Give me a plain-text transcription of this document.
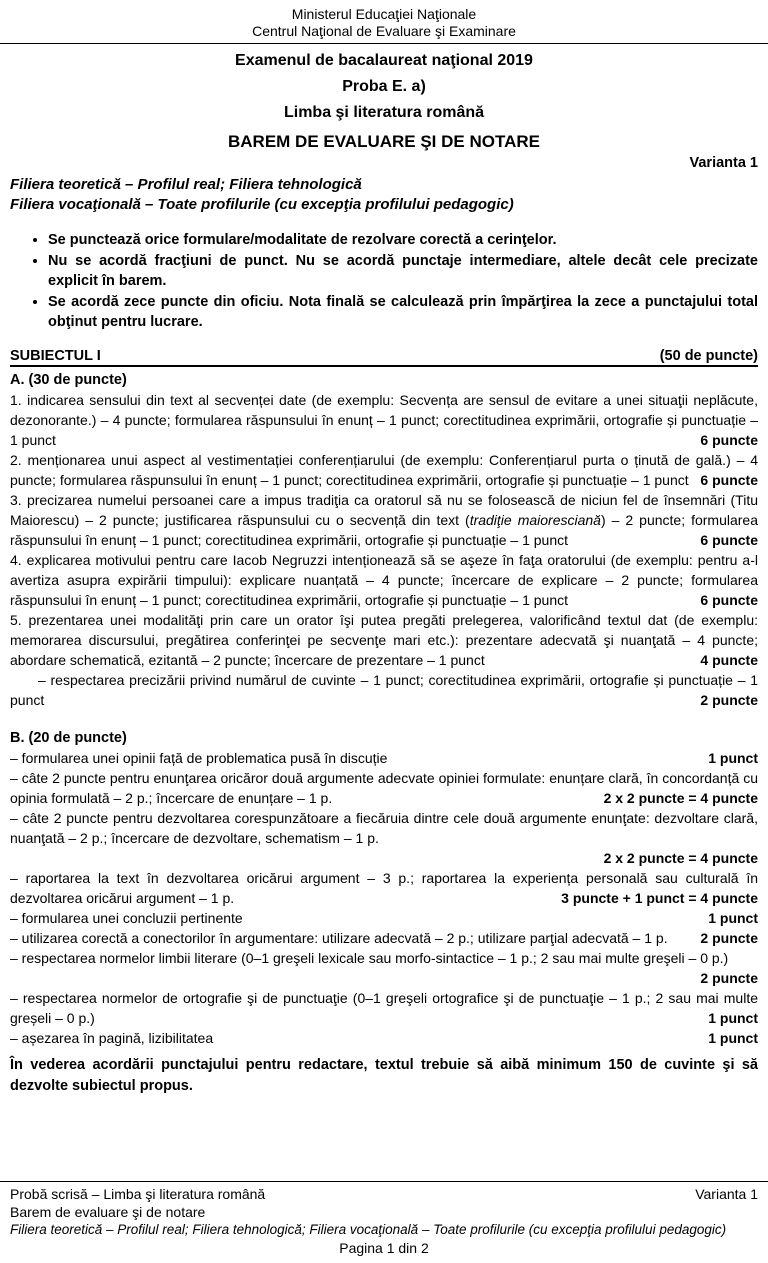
Ministerul Educaţiei Naţionale
Centrul Naţional de Evaluare şi Examinare
Examenul de bacalaureat naţional 2019
Proba E. a)
Limba şi literatura română
BAREM DE EVALUARE ŞI DE NOTARE
Varianta 1
Filiera teoretică – Profilul real; Filiera tehnologică
Filiera vocaţională – Toate profilurile (cu excepţia profilului pedagogic)
• Se punctează orice formulare/modalitate de rezolvare corectă a cerinţelor.
• Nu se acordă fracţiuni de punct. Nu se acordă punctaje intermediare, altele decât cele precizate explicit în barem.
• Se acordă zece puncte din oficiu. Nota finală se calculează prin împărţirea la zece a punctajului total obţinut pentru lucrare.
SUBIECTUL I	(50 de puncte)
A. (30 de puncte)

1. indicarea sensului din text al secvenței date (de exemplu: Secvența are sensul de evitare a unei situaţii neplăcute, dezonorante.) – 4 puncte; formularea răspunsului în enunț – 1 punct; corectitudinea exprimării, ortografie și punctuație – 1 punct	6 puncte

2. menționarea unui aspect al vestimentației conferențiarului (de exemplu: Conferențiarul purta o ținută de gală.) – 4 puncte; formularea răspunsului în enunț – 1 punct; corectitudinea exprimării, ortografie și punctuație – 1 punct 6 puncte

3. precizarea numelui persoanei care a impus tradiţia ca oratorul să nu se folosească de niciun fel de însemnări (Titu Maiorescu) – 2 puncte; justificarea răspunsului cu o secvență din text (tradiţie maioresciană) – 2 puncte; formularea răspunsului în enunț – 1 punct; corectitudinea exprimării, ortografie și punctuație – 1 punct	6 puncte

4. explicarea motivului pentru care Iacob Negruzzi intenționează să se aşeze în faţa oratorului (de exemplu: pentru a-l avertiza asupra expirării timpului): explicare nuanțată – 4 puncte; încercare de explicare – 2 puncte; formularea răspunsului în enunț – 1 punct; corectitudinea exprimării, ortografie și punctuație – 1 punct	6 puncte

5. prezentarea unei modalităţi prin care un orator îşi putea pregăti prelegerea, valorificând textul dat (de exemplu: memorarea discursului, pregătirea conferinţei pe secvenţe mari etc.): prezentare adecvată şi nuanţată – 4 puncte; abordare schematică, ezitantă – 2 puncte; încercare de prezentare – 1 punct	4 puncte

– respectarea precizării privind numărul de cuvinte – 1 punct; corectitudinea exprimării, ortografie și punctuație – 1 punct	2 puncte

B. (20 de puncte)

– formularea unei opinii față de problematica pusă în discuție	1 punct

– câte 2 puncte pentru enunţarea oricăror două argumente adecvate opiniei formulate: enunțare clară, în concordanță cu opinia formulată – 2 p.; încercare de enunțare – 1 p.	2 x 2 puncte = 4 puncte

– câte 2 puncte pentru dezvoltarea corespunzătoare a fiecăruia dintre cele două argumente enunţate: dezvoltare clară, nuanţată – 2 p.; încercare de dezvoltare, schematism – 1 p.

2 x 2 puncte = 4 puncte

– raportarea la text în dezvoltarea oricărui argument – 3 p.; raportarea la experiența personală sau culturală în dezvoltarea oricărui argument – 1 p.	3 puncte + 1 punct = 4 puncte

– formularea unei concluzii pertinente	1 punct

– utilizarea corectă a conectorilor în argumentare: utilizare adecvată – 2 p.; utilizare parţial adecvată – 1 p.	2 puncte

– respectarea normelor limbii literare (0–1 greşeli lexicale sau morfo-sintactice – 1 p.; 2 sau mai multe greşeli – 0 p.)
2 puncte

– respectarea normelor de ortografie şi de punctuaţie (0–1 greşeli ortografice şi de punctuaţie – 1 p.; 2 sau mai multe greșeli – 0 p.)	1 punct

– așezarea în pagină, lizibilitatea	1 punct

În vederea acordării punctajului pentru redactare, textul trebuie să aibă minimum 150 de cuvinte şi să dezvolte subiectul propus.
Probă scrisă – Limba şi literatura română	Varianta 1
Barem de evaluare şi de notare
Filiera teoretică – Profilul real; Filiera tehnologică; Filiera vocaţională – Toate profilurile (cu excepţia profilului pedagogic)
Pagina 1 din 2
